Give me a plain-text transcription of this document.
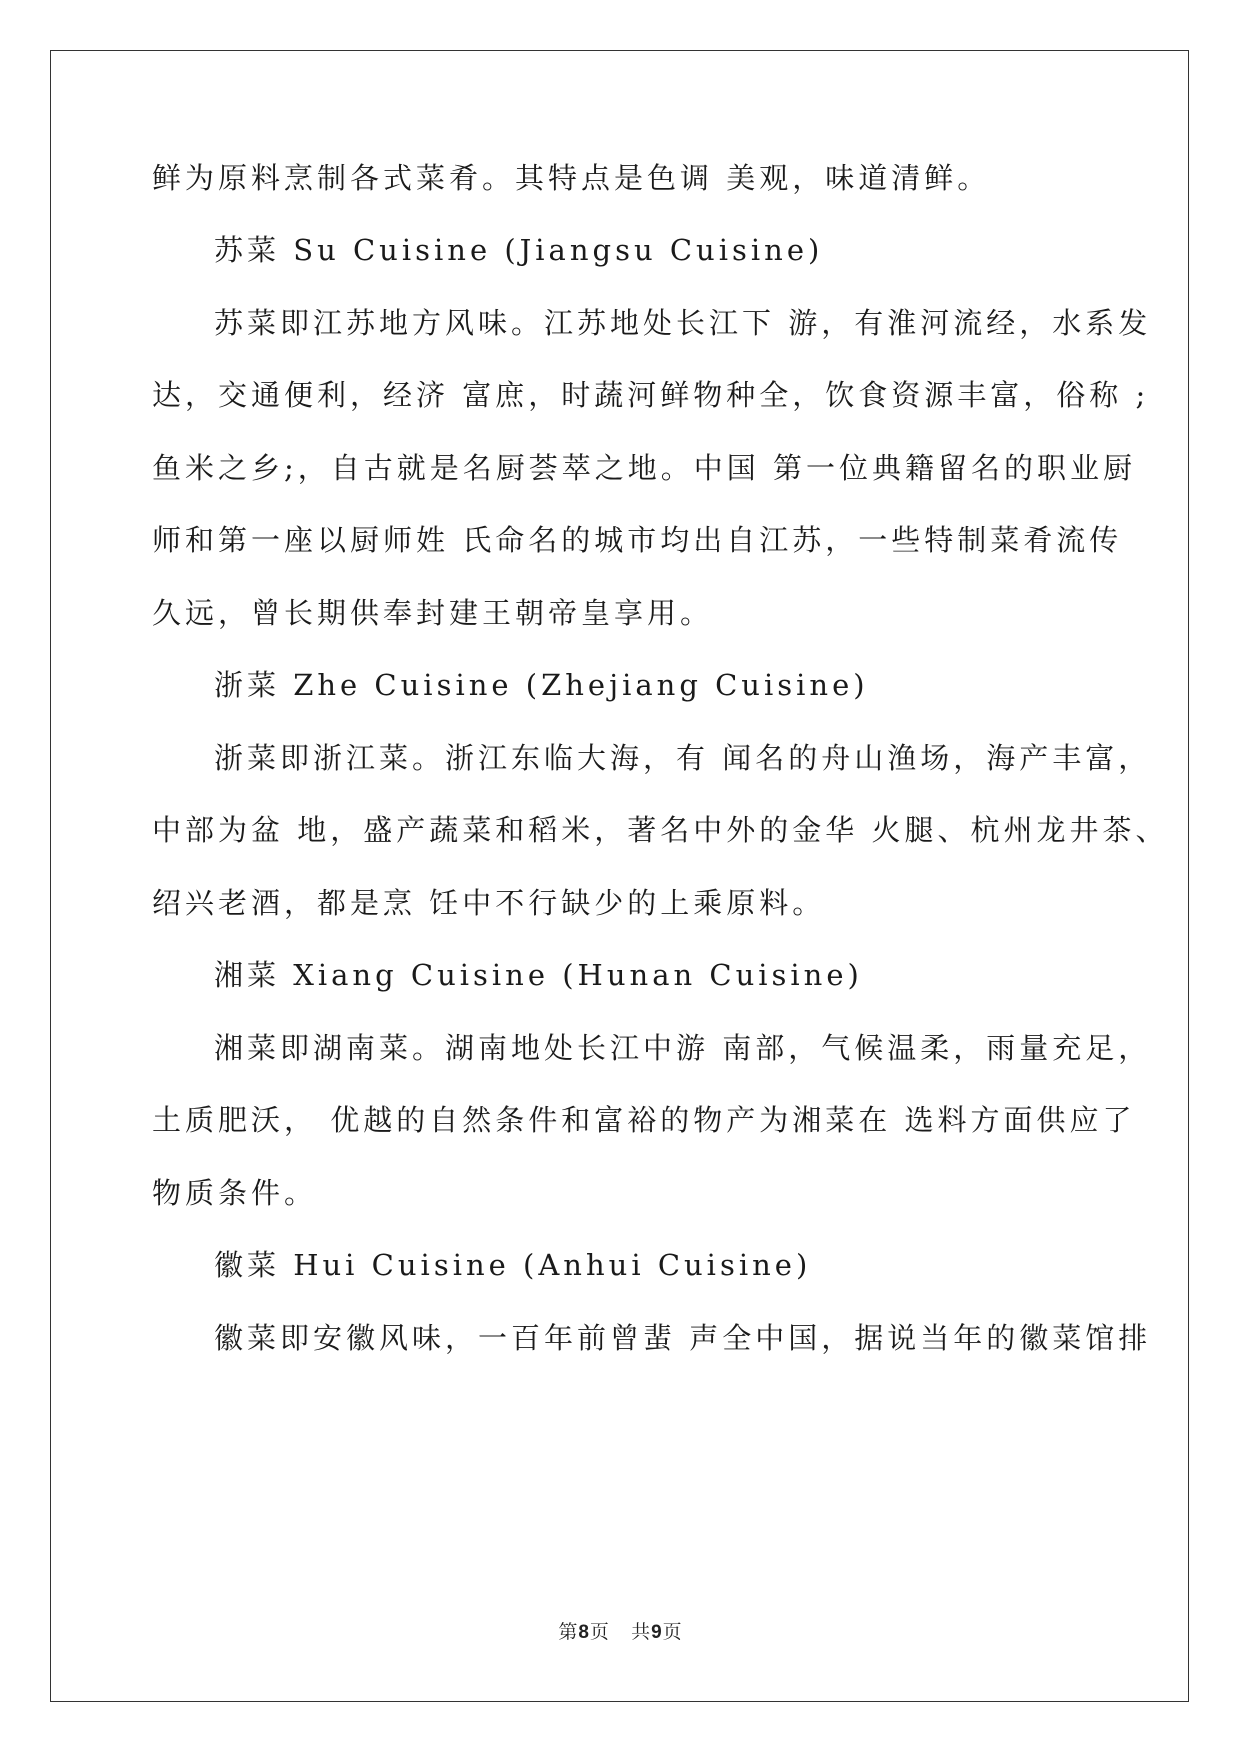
鲜为原料烹制各式菜肴。其特点是色调 美观，味道清鲜。
苏菜 Su Cuisine (Jiangsu Cuisine)
苏菜即江苏地方风味。江苏地处长江下 游，有淮河流经，水系发
达，交通便利，经济 富庶，时蔬河鲜物种全，饮食资源丰富，俗称 ;
鱼米之乡;，自古就是名厨荟萃之地。中国 第一位典籍留名的职业厨
师和第一座以厨师姓 氏命名的城市均出自江苏，一些特制菜肴流传
久远，曾长期供奉封建王朝帝皇享用。
浙菜 Zhe Cuisine (Zhejiang Cuisine)
浙菜即浙江菜。浙江东临大海，有 闻名的舟山渔场，海产丰富，
中部为盆 地，盛产蔬菜和稻米，著名中外的金华 火腿、杭州龙井茶、
绍兴老酒，都是烹 饪中不行缺少的上乘原料。
湘菜 Xiang Cuisine (Hunan Cuisine)
湘菜即湖南菜。湖南地处长江中游 南部，气候温柔，雨量充足，
土质肥沃， 优越的自然条件和富裕的物产为湘菜在 选料方面供应了
物质条件。
徽菜 Hui Cuisine (Anhui Cuisine)
徽菜即安徽风味，一百年前曾蜚 声全中国，据说当年的徽菜馆排
第8页 共9页
